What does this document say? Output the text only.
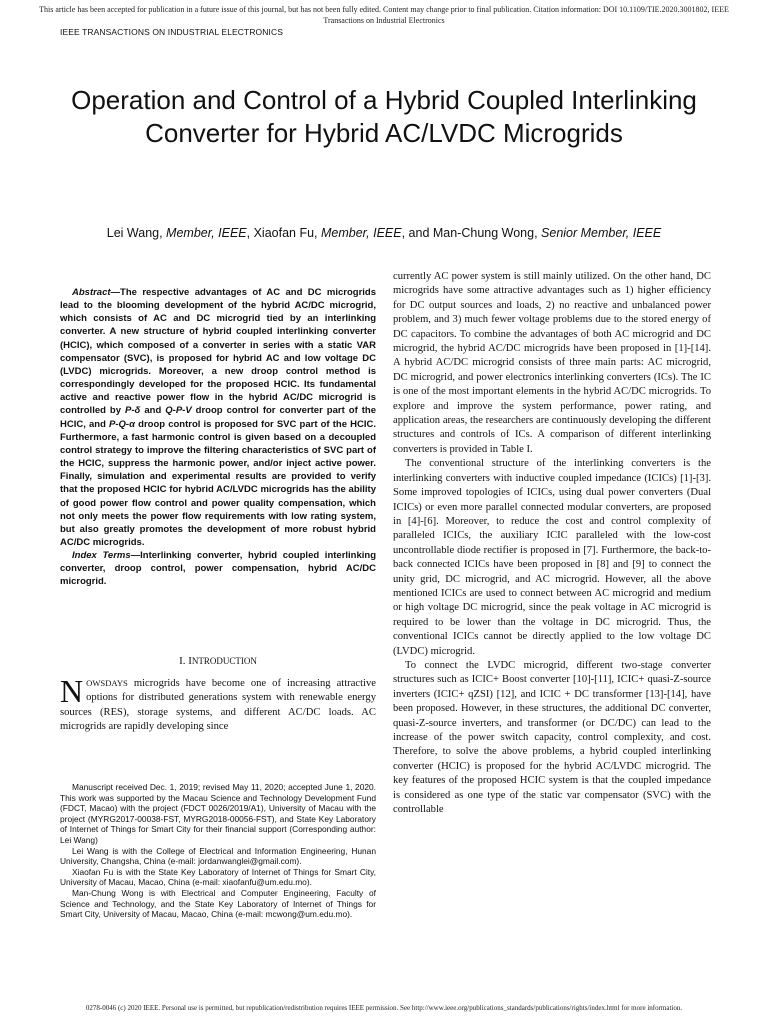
This article has been accepted for publication in a future issue of this journal, but has not been fully edited. Content may change prior to final publication. Citation information: DOI 10.1109/TIE.2020.3001802, IEEE Transactions on Industrial Electronics
IEEE TRANSACTIONS ON INDUSTRIAL ELECTRONICS
Operation and Control of a Hybrid Coupled Interlinking Converter for Hybrid AC/LVDC Microgrids
Lei Wang, Member, IEEE, Xiaofan Fu, Member, IEEE, and Man-Chung Wong, Senior Member, IEEE

Abstract—The respective advantages of AC and DC microgrids lead to the blooming development of the hybrid AC/DC microgrid, which consists of AC and DC microgrid tied by an interlinking converter. A new structure of hybrid coupled interlinking converter (HCIC), which composed of a converter in series with a static VAR compensator (SVC), is proposed for hybrid AC and low voltage DC (LVDC) microgrids. Moreover, a new droop control method is correspondingly developed for the proposed HCIC. Its fundamental active and reactive power flow in the hybrid AC/DC microgrid is controlled by P-δ and Q-P-V droop control for converter part of the HCIC, and P-Q-α droop control is proposed for SVC part of the HCIC. Furthermore, a fast harmonic control is given based on a decoupled control strategy to improve the filtering characteristics of SVC part of the HCIC, suppress the harmonic power, and/or inject active power. Finally, simulation and experimental results are provided to verify that the proposed HCIC for hybrid AC/LVDC microgrids has the ability of good power flow control and power quality compensation, which not only meets the power flow requirements with low rating system, but also greatly promotes the development of more robust hybrid AC/DC microgrids.

Index Terms—Interlinking converter, hybrid coupled interlinking converter, droop control, power compensation, hybrid AC/DC microgrid.

I. INTRODUCTION
NOWSDAYS microgrids have become one of increasing attractive options for distributed generations system with renewable energy sources (RES), storage systems, and different AC/DC loads. AC microgrids are rapidly developing since

Manuscript received Dec. 1, 2019; revised May 11, 2020; accepted June 1, 2020. This work was supported by the Macau Science and Technology Development Fund (FDCT, Macao) with the project (FDCT 0026/2019/A1), University of Macau with the project (MYRG2017-00038-FST, MYRG2018-00056-FST), and State Key Laboratory of Internet of Things for Smart City for their financial support (Corresponding author: Lei Wang)

Lei Wang is with the College of Electrical and Information Engineering, Hunan University, Changsha, China (e-mail: jordanwanglei@gmail.com).

Xiaofan Fu is with the State Key Laboratory of Internet of Things for Smart City, University of Macau, Macao, China (e-mail: xiaofanfu@um.edu.mo).

Man-Chung Wong is with Electrical and Computer Engineering, Faculty of Science and Technology, and the State Key Laboratory of Internet of Things for Smart City, University of Macau, Macao, China (e-mail: mcwong@um.edu.mo).

currently AC power system is still mainly utilized. On the other hand, DC microgrids have some attractive advantages such as 1) higher efficiency for DC output sources and loads, 2) no reactive and unbalanced power problem, and 3) much fewer voltage problems due to the stored energy of DC capacitors. To combine the advantages of both AC microgrid and DC microgrid, the hybrid AC/DC microgrids have been proposed in [1]-[14]. A hybrid AC/DC microgrid consists of three main parts: AC microgrid, DC microgrid, and power electronics interlinking converters (ICs). The IC is one of the most important elements in the hybrid AC/DC microgrids. To explore and improve the system performance, power rating, and application areas, the researchers are continuously developing the different structures and controls of ICs. A comparison of different interlinking converters is provided in Table I.

The conventional structure of the interlinking converters is the interlinking converters with inductive coupled impedance (ICICs) [1]-[3]. Some improved topologies of ICICs, using dual power converters (Dual ICICs) or even more parallel connected modular converters, are proposed in [4]-[6]. Moreover, to reduce the cost and control complexity of paralleled ICICs, the auxiliary ICIC paralleled with the low-cost uncontrollable diode rectifier is proposed in [7]. Furthermore, the back-to-back connected ICICs have been proposed in [8] and [9] to connect the unity grid, DC microgrid, and AC microgrid. However, all the above mentioned ICICs are used to connect between AC microgrid and medium or high voltage DC microgrid, since the peak voltage in AC microgrid is required to be lower than the voltage in DC microgrid. Thus, the conventional ICICs cannot be directly applied to the low voltage DC (LVDC) microgrid.

To connect the LVDC microgrid, different two-stage converter structures such as ICIC+ Boost converter [10]-[11], ICIC+ quasi-Z-source inverters (ICIC+ qZSI) [12], and ICIC + DC transformer [13]-[14], have been proposed. However, in these structures, the additional DC converter, quasi-Z-source inverters, and transformer (or DC/DC) can lead to the increase of the power switch capacity, control complexity, and cost. Therefore, to solve the above problems, a hybrid coupled interlinking converter (HCIC) is proposed for the hybrid AC/LVDC microgrid. The key features of the proposed HCIC system is that the coupled impedance is considered as one type of the static var compensator (SVC) with the controllable

0278-0046 (c) 2020 IEEE. Personal use is permitted, but republication/redistribution requires IEEE permission. See http://www.ieee.org/publications_standards/publications/rights/index.html for more information.
